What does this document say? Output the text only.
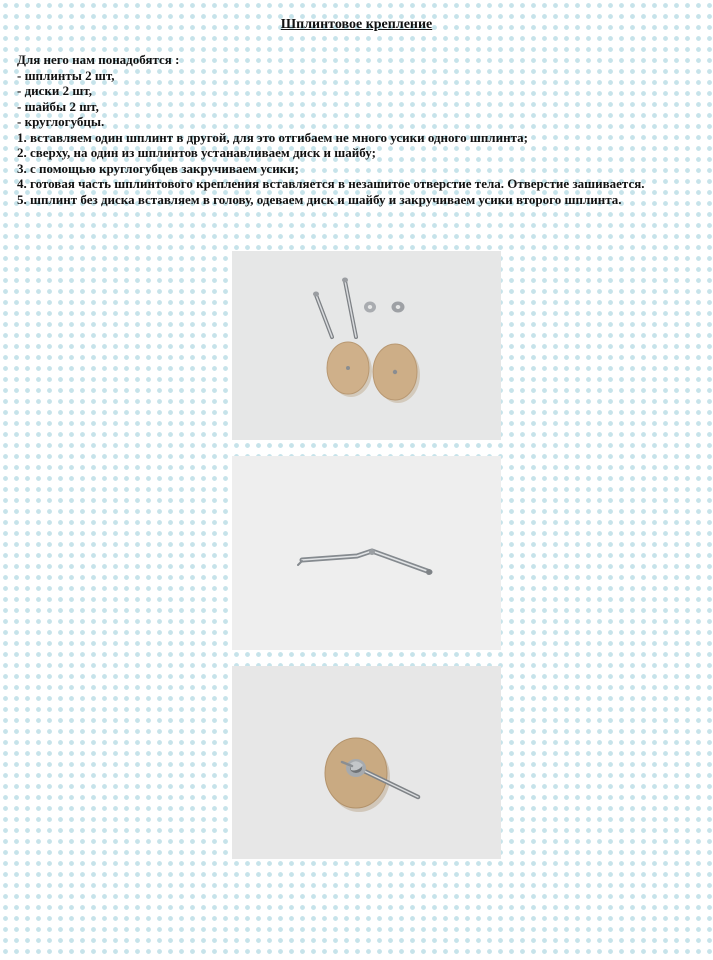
Шплинтовое крепление
Для него нам понадобятся :
- шплинты 2 шт,
- диски 2 шт,
- шайбы 2 шт,
- круглогубцы.
1. вставляем один шплинт в другой, для это отгибаем не много усики одного шплинта;
2. сверху, на один из шплинтов устанавливаем диск и шайбу;
3. с помощью круглогубцев закручиваем усики;
4. готовая часть шплинтового крепления вставляется в незашитое отверстие тела. Отверстие зашивается.
5. шплинт без диска вставляем в голову, одеваем диск и шайбу и закручиваем усики второго шплинта.
